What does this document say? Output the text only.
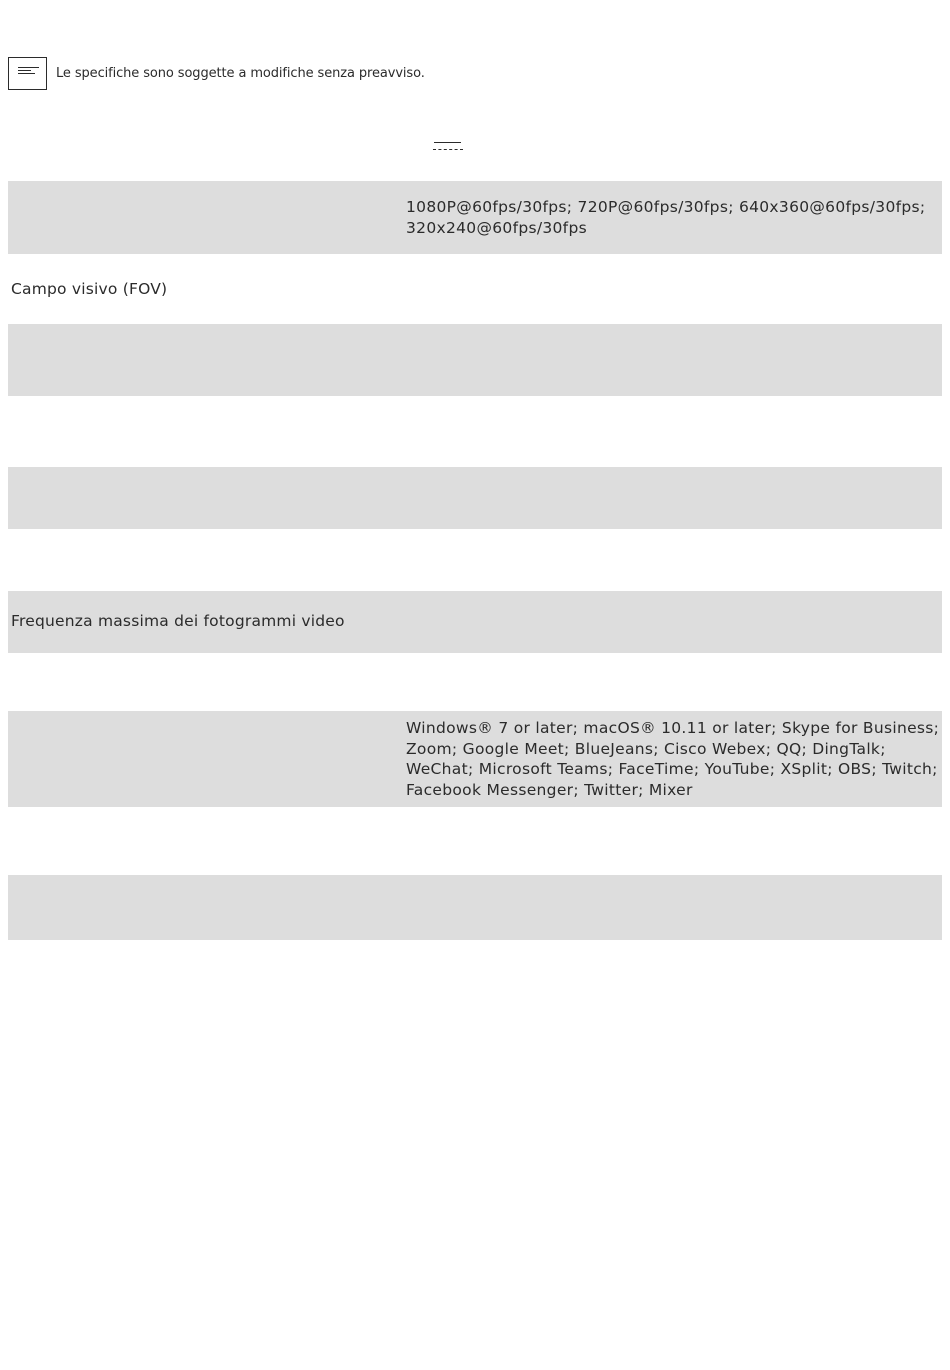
Le specifiche sono soggette a modifiche senza preavviso.
1080P@60fps/30fps; 720P@60fps/30fps; 640x360@60fps/30fps; 320x240@60fps/30fps
Campo visivo (FOV)
Frequenza massima dei fotogrammi video
Windows® 7 or later; macOS® 10.11 or later; Skype for Business; Zoom; Google Meet; BlueJeans; Cisco Webex; QQ; DingTalk; WeChat; Microsoft Teams; FaceTime; YouTube; XSplit; OBS; Twitch; Facebook Messenger; Twitter; Mixer
